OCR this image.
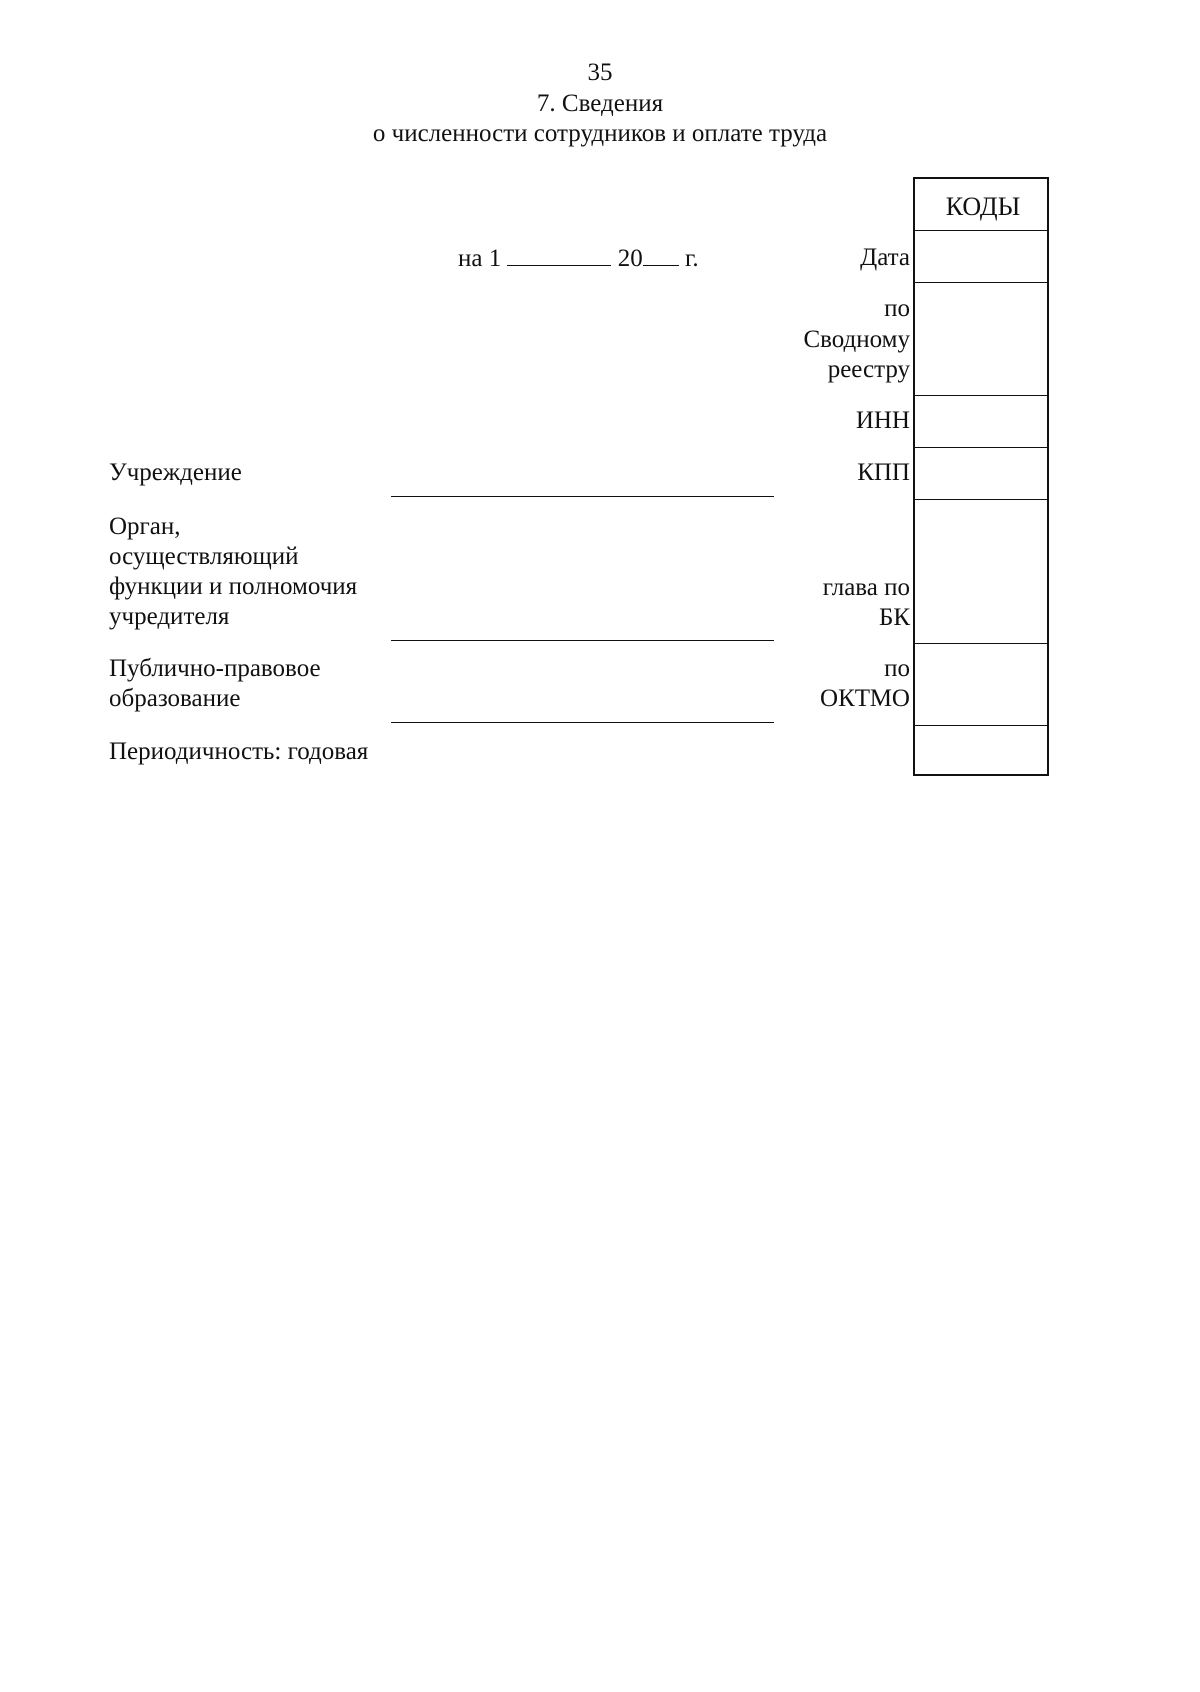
35
7. Сведения
о численности сотрудников и оплате труда
на 1	20 г.
КОДЫ
Дата
по
Сводному
реестру
ИНН
КПП
глава по
БК
по
ОКТМО
Учреждение
Орган,
осуществляющий
функции и полномочия
учредителя
Публично-правовое
образование
Периодичность: годовая
